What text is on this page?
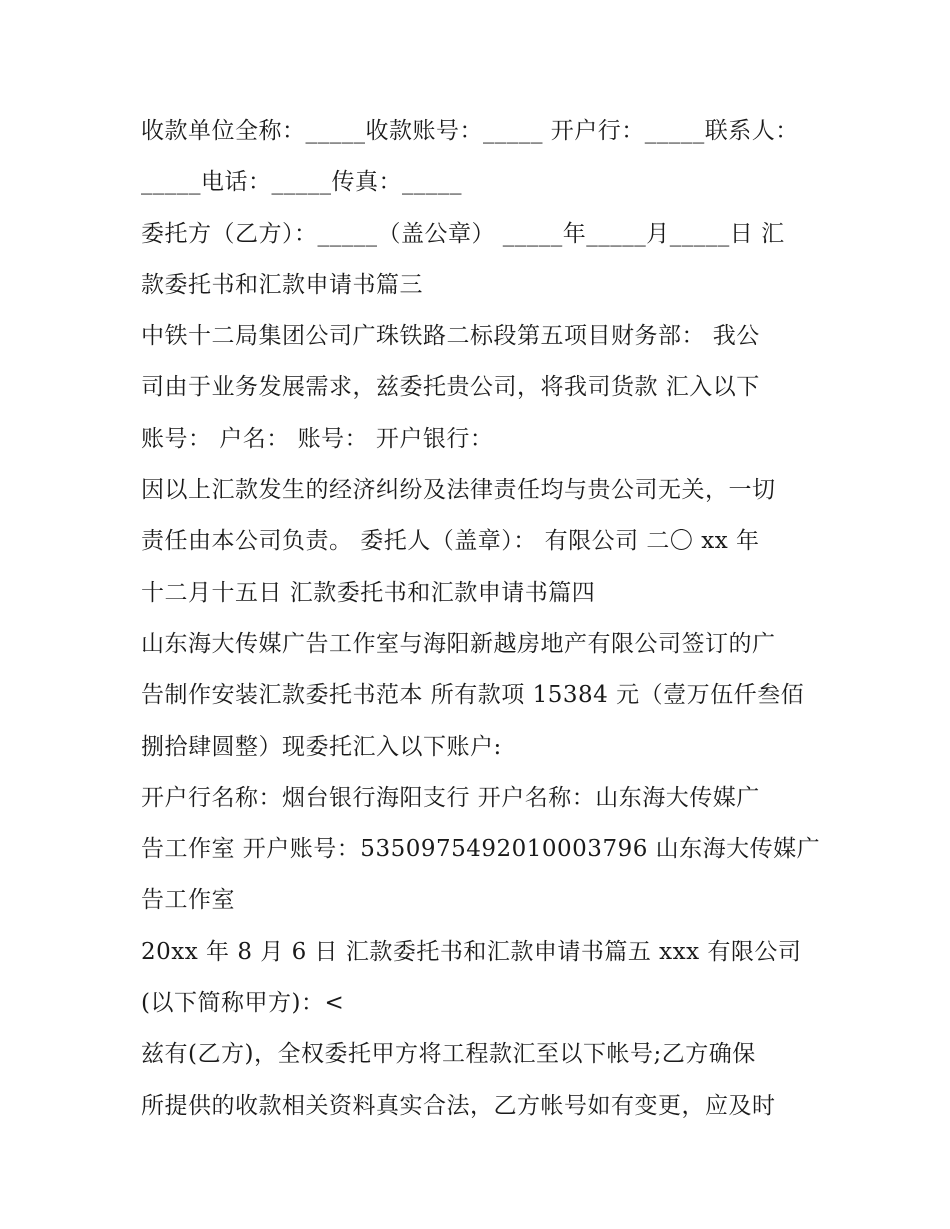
收款单位全称：_____收款账号：_____ 开户行：_____联系人：
_____电话：_____传真：_____
委托方（乙方）：_____（盖公章） _____年_____月_____日 汇
款委托书和汇款申请书篇三
中铁十二局集团公司广珠铁路二标段第五项目财务部： 我公
司由于业务发展需求，兹委托贵公司，将我司货款 汇入以下
账号： 户名： 账号： 开户银行：
因以上汇款发生的经济纠纷及法律责任均与贵公司无关，一切
责任由本公司负责。 委托人（盖章）： 有限公司 二〇 xx 年
十二月十五日 汇款委托书和汇款申请书篇四
山东海大传媒广告工作室与海阳新越房地产有限公司签订的广
告制作安装汇款委托书范本 所有款项 15384 元（壹万伍仟叁佰
捌拾肆圆整）现委托汇入以下账户:
开户行名称：烟台银行海阳支行 开户名称：山东海大传媒广
告工作室 开户账号：5350975492010003796 山东海大传媒广
告工作室
20xx 年 8 月 6 日 汇款委托书和汇款申请书篇五 xxx 有限公司
(以下简称甲方)：<
兹有(乙方)，全权委托甲方将工程款汇至以下帐号;乙方确保
所提供的收款相关资料真实合法，乙方帐号如有变更，应及时
